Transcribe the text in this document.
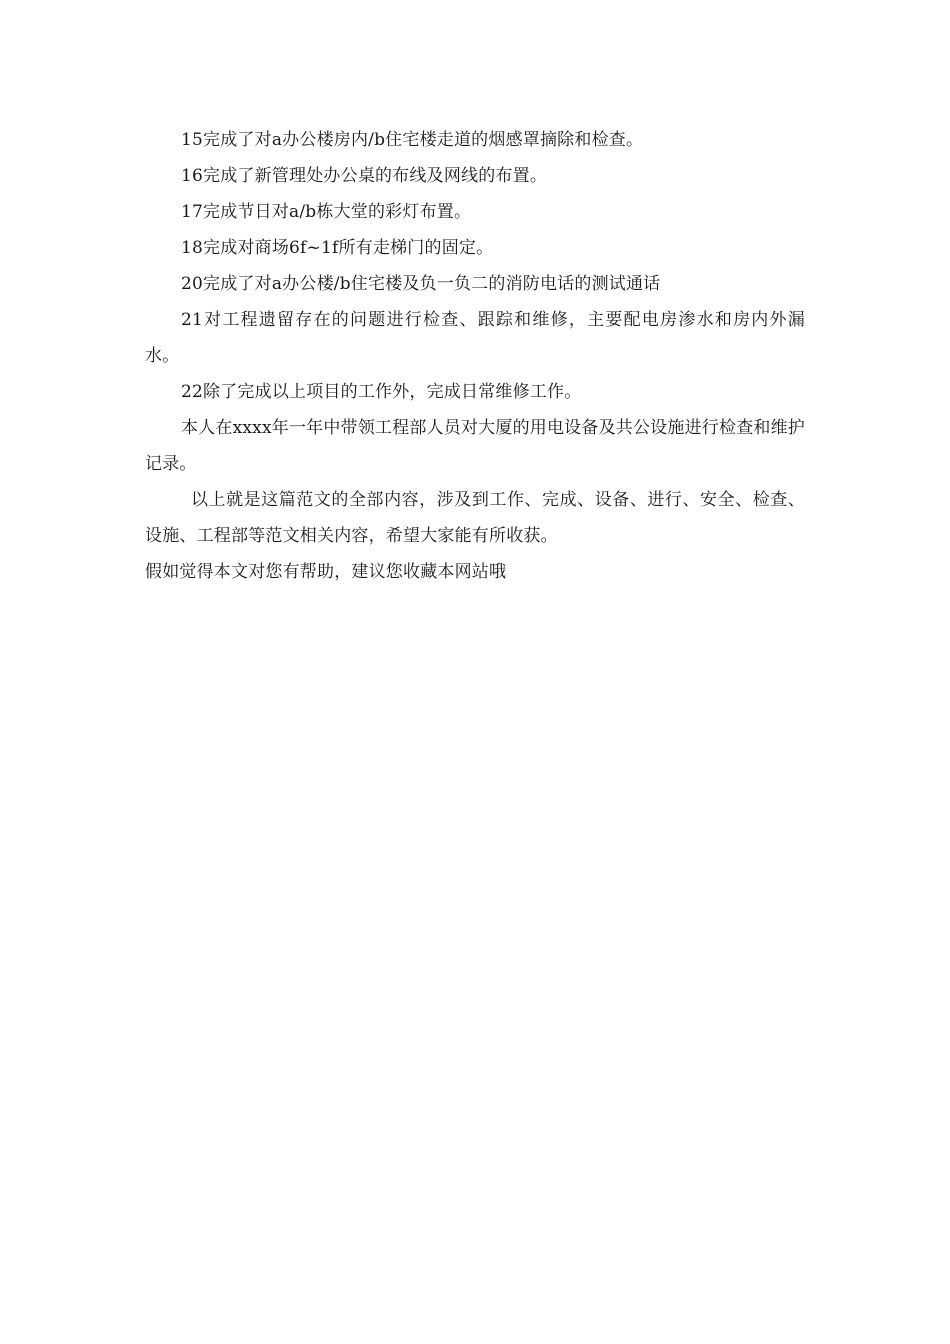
15完成了对a办公楼房内/b住宅楼走道的烟感罩摘除和检查。

16完成了新管理处办公桌的布线及网线的布置。

17完成节日对a/b栋大堂的彩灯布置。

18完成对商场6f~1f所有走梯门的固定。

20完成了对a办公楼/b住宅楼及负一负二的消防电话的测试通话

21对工程遗留存在的问题进行检查、跟踪和维修，主要配电房渗水和房内外漏水。

22除了完成以上项目的工作外，完成日常维修工作。

本人在xxxx年一年中带领工程部人员对大厦的用电设备及共公设施进行检查和维护记录。

以上就是这篇范文的全部内容，涉及到工作、完成、设备、进行、安全、检查、设施、工程部等范文相关内容，希望大家能有所收获。

假如觉得本文对您有帮助，建议您收藏本网站哦
